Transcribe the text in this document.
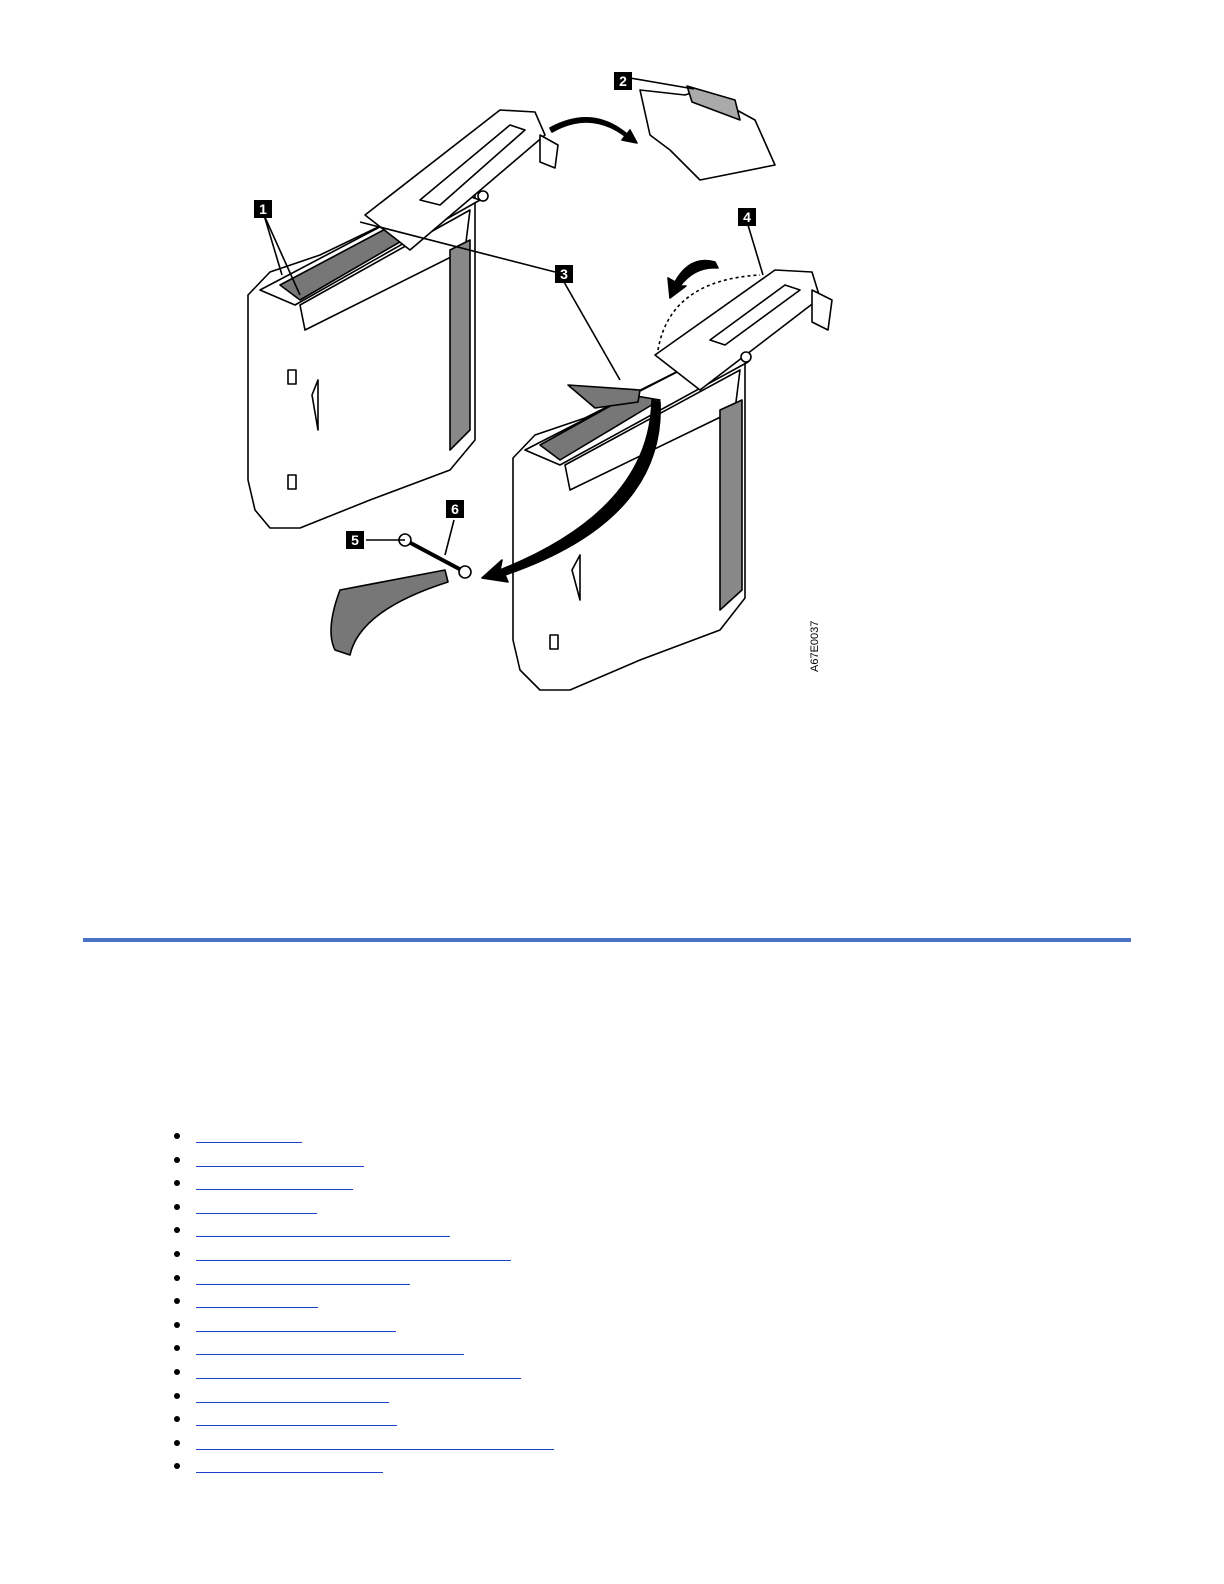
1
2
3
4
5
6
A67E0037
